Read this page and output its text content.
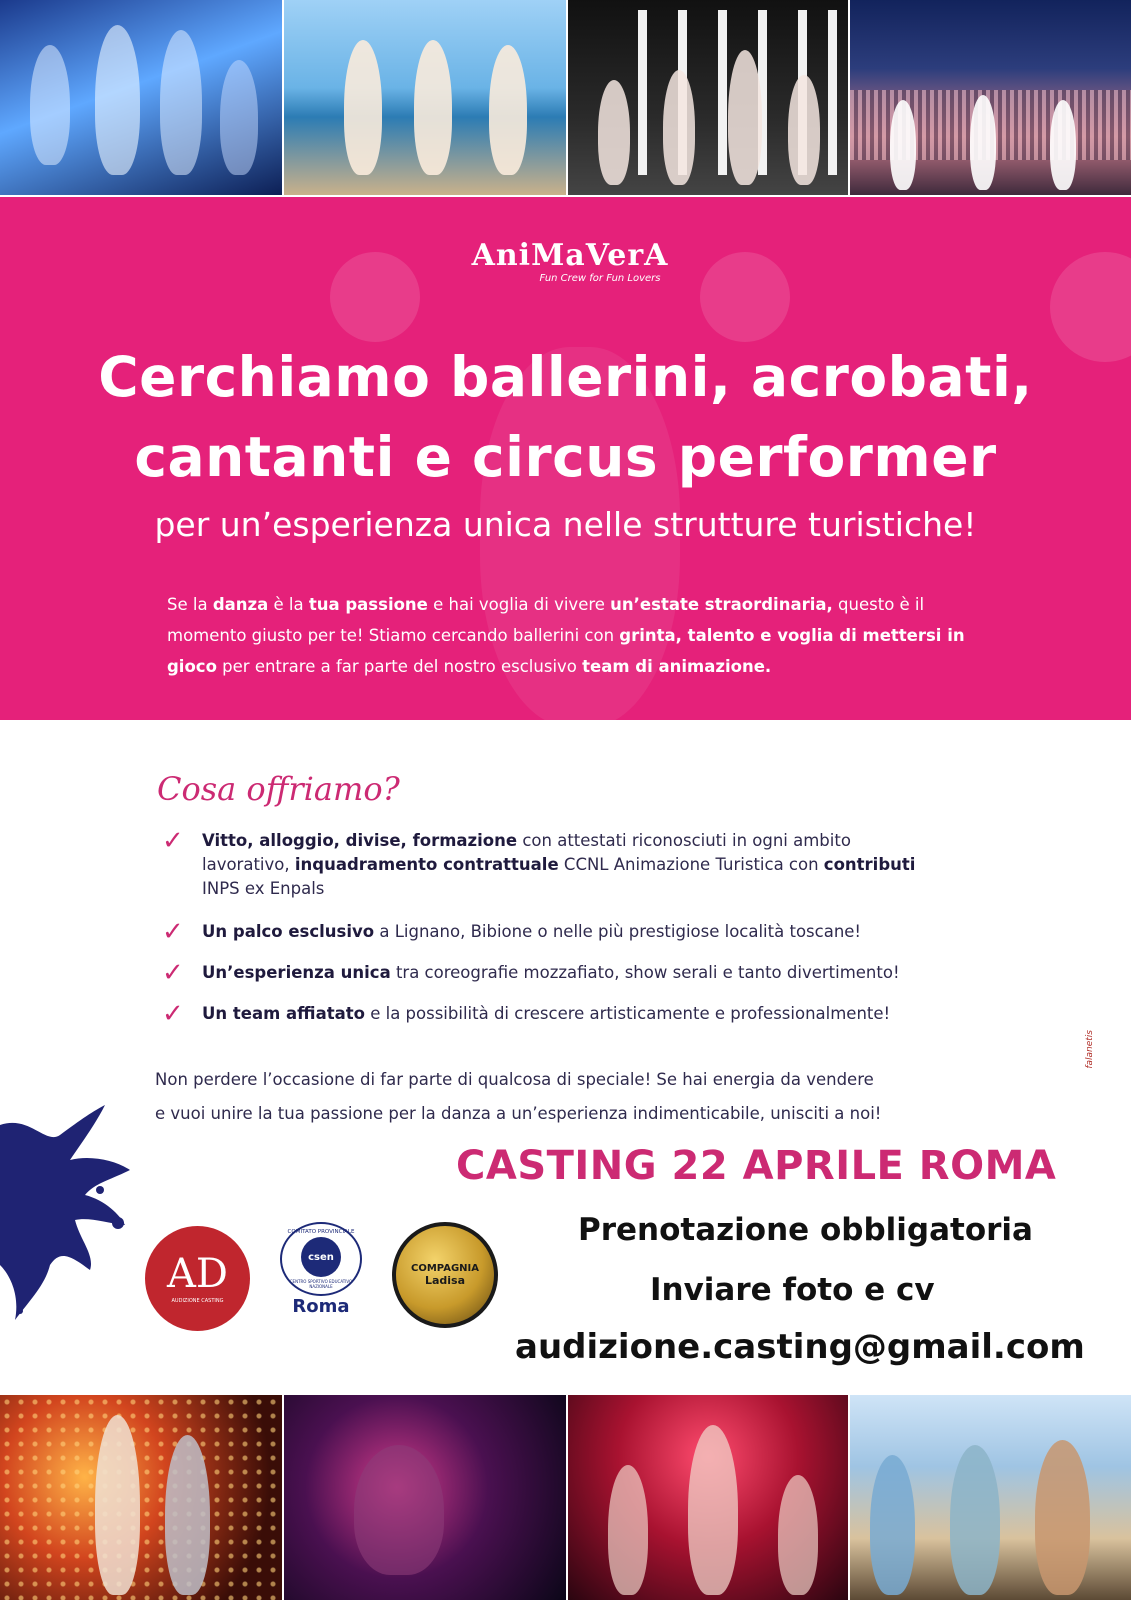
AniMaVerA
Fun Crew for Fun Lovers
Cerchiamo ballerini, acrobati,
cantanti e circus performer
per un’esperienza unica nelle strutture turistiche!
Se la danza è la tua passione e hai voglia di vivere un’estate straordinaria, questo è il momento giusto per te! Stiamo cercando ballerini con grinta, talento e voglia di mettersi in gioco per entrare a far parte del nostro esclusivo team di animazione.
Cosa offriamo?
✓	Vitto, alloggio, divise, formazione con attestati riconosciuti in ogni ambito lavorativo, inquadramento contrattuale CCNL Animazione Turistica con contributi INPS ex Enpals
✓	Un palco esclusivo a Lignano, Bibione o nelle più prestigiose località toscane!
✓	Un’esperienza unica tra coreografie mozzafiato, show serali e tanto divertimento!
✓	Un team affiatato e la possibilità di crescere artisticamente e professionalmente!
Non perdere l’occasione di far parte di qualcosa di speciale! Se hai energia da vendere
e vuoi unire la tua passione per la danza a un’esperienza indimenticabile, unisciti a noi!
falanetis
CASTING 22 APRILE ROMA
Prenotazione obbligatoria
Inviare foto e cv
audizione.casting@gmail.com
AD
AUDIZIONE CASTING
COMITATO PROVINCIALE
csen
CENTRO SPORTIVO EDUCATIVO NAZIONALE
Roma
COMPAGNIA
Ladisa
